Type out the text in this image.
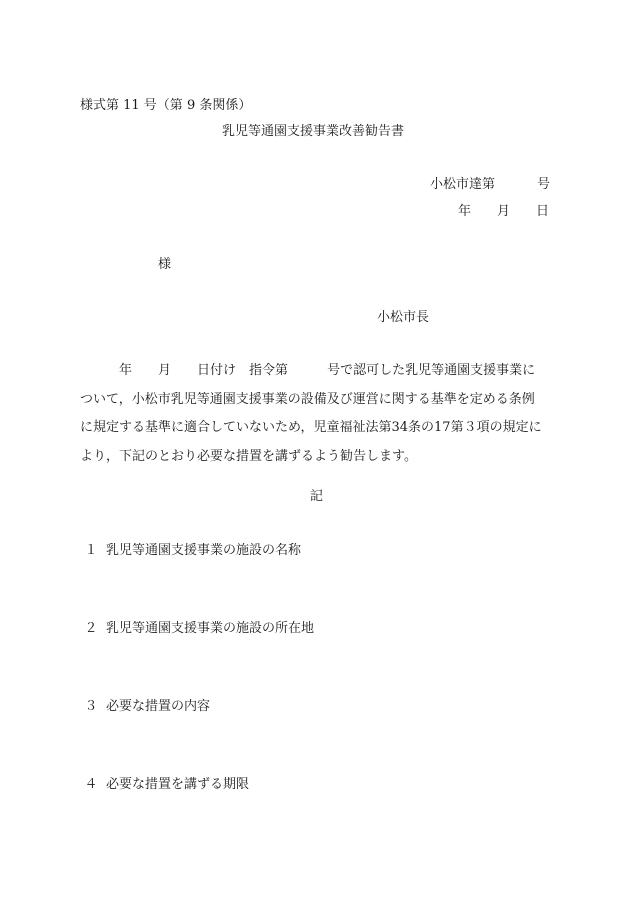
様式第 11 号（第 9 条関係）
乳児等通園支援事業改善勧告書
小松市達第	号
年 月 日
様
小松市長

年 月 日付け 指令第	号で認可した乳児等通園支援事業に

ついて，小松市乳児等通園支援事業の設備及び運営に関する基準を定める条例

に規定する基準に適合していないため，児童福祉法第34条の17第３項の規定に

より，下記のとおり必要な措置を講ずるよう勧告します。

記
１ 乳児等通園支援事業の施設の名称
２ 乳児等通園支援事業の施設の所在地
３ 必要な措置の内容
４ 必要な措置を講ずる期限
